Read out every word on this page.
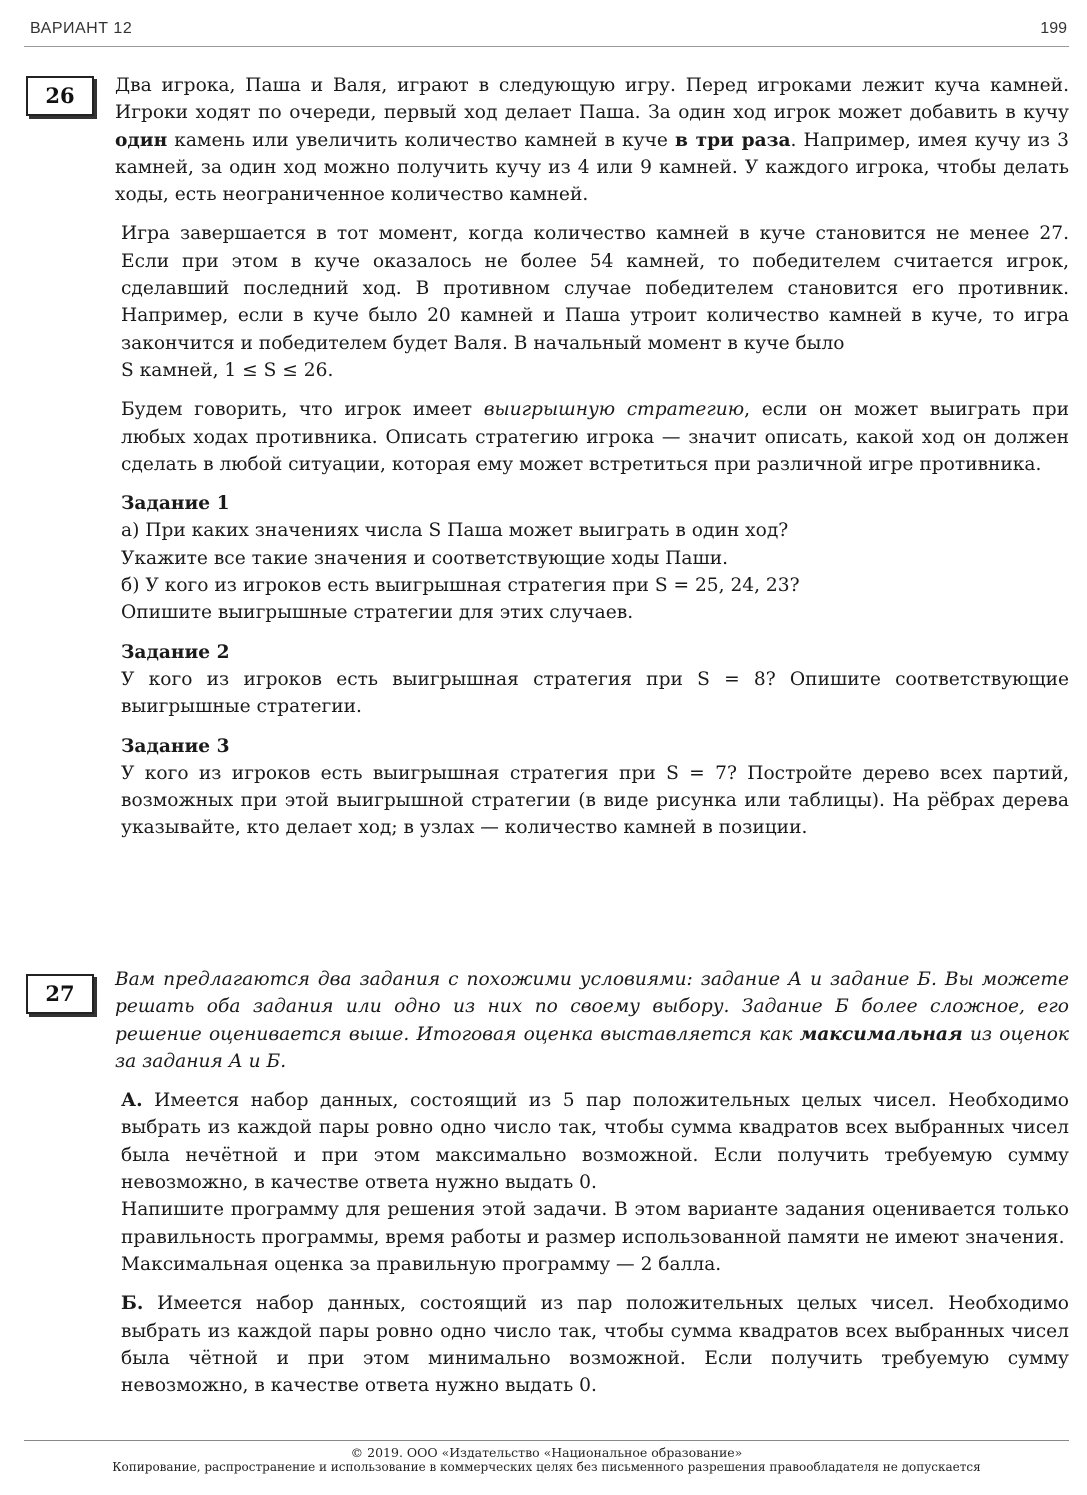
ВАРИАНТ 12	199
26	Два игрока, Паша и Валя, играют в следующую игру. Перед игроками лежит куча камней. Игроки ходят по очереди, первый ход делает Паша. За один ход игрок может добавить в кучу один камень или увеличить количество камней в куче в три раза. Например, имея кучу из 3 камней, за один ход можно получить кучу из 4 или 9 камней. У каждого игрока, чтобы делать ходы, есть неограниченное количество камней.

Игра завершается в тот момент, когда количество камней в куче становится не менее 27. Если при этом в куче оказалось не более 54 камней, то победителем считается игрок, сделавший последний ход. В противном случае победителем становится его противник. Например, если в куче было 20 камней и Паша утроит количество камней в куче, то игра закончится и победителем будет Валя. В начальный момент в куче было
S камней, 1 ≤ S ≤ 26.

Будем говорить, что игрок имеет выигрышную стратегию, если он может выиграть при любых ходах противника. Описать стратегию игрока — значит описать, какой ход он должен сделать в любой ситуации, которая ему может встретиться при различной игре противника.

Задание 1

а) При каких значениях числа S Паша может выиграть в один ход?

Укажите все такие значения и соответствующие ходы Паши.

б) У кого из игроков есть выигрышная стратегия при S = 25, 24, 23?

Опишите выигрышные стратегии для этих случаев.

Задание 2

У кого из игроков есть выигрышная стратегия при S = 8? Опишите соответствующие выигрышные стратегии.

Задание 3

У кого из игроков есть выигрышная стратегия при S = 7? Постройте дерево всех партий, возможных при этой выигрышной стратегии (в виде рисунка или таблицы). На рёбрах дерева указывайте, кто делает ход; в узлах — количество камней в позиции.

27

Вам предлагаются два задания с похожими условиями: задание А и задание Б. Вы можете решать оба задания или одно из них по своему выбору. Задание Б более сложное, его решение оценивается выше. Итоговая оценка выставляется как максимальная из оценок за задания А и Б.

А. Имеется набор данных, состоящий из 5 пар положительных целых чисел. Необходимо выбрать из каждой пары ровно одно число так, чтобы сумма квадратов всех выбранных чисел была нечётной и при этом максимально возможной. Если получить требуемую сумму невозможно, в качестве ответа нужно выдать 0.

Напишите программу для решения этой задачи. В этом варианте задания оценивается только правильность программы, время работы и размер использованной памяти не имеют значения.

Максимальная оценка за правильную программу — 2 балла.

Б. Имеется набор данных, состоящий из пар положительных целых чисел. Необходимо выбрать из каждой пары ровно одно число так, чтобы сумма квадратов всех выбранных чисел была чётной и при этом минимально возможной. Если получить требуемую сумму невозможно, в качестве ответа нужно выдать 0.

© 2019. ООО «Издательство «Национальное образование»
Копирование, распространение и использование в коммерческих целях без письменного разрешения правообладателя не допускается
